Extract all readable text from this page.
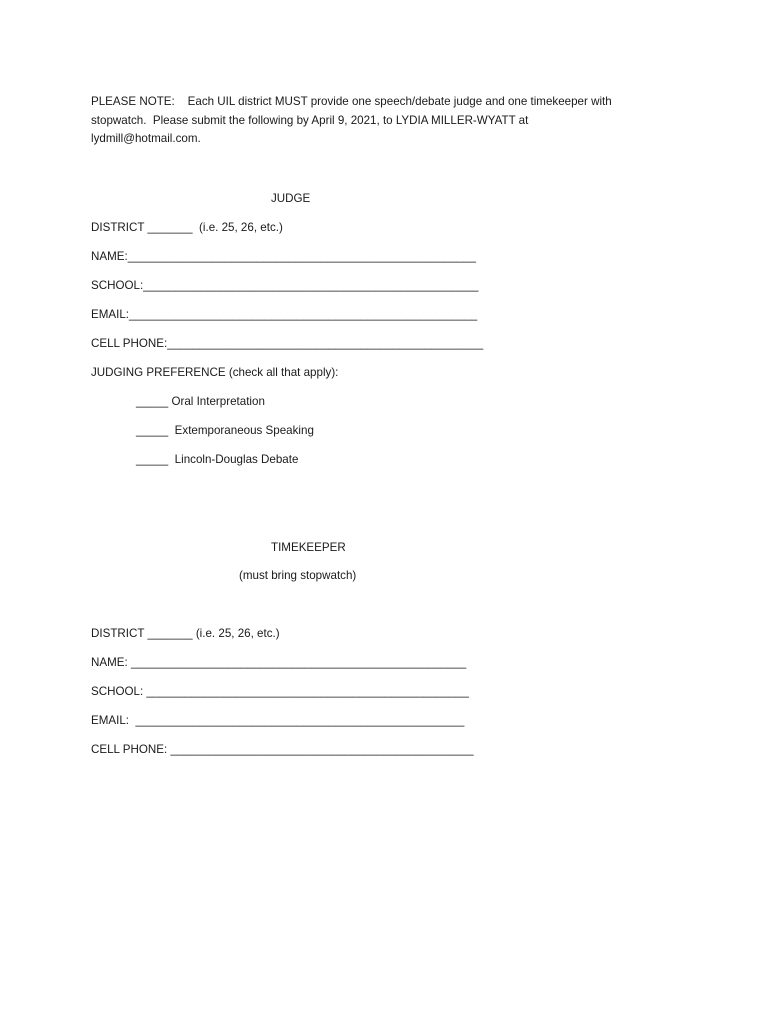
PLEASE NOTE:    Each UIL district MUST provide one speech/debate judge and one timekeeper with
stopwatch.  Please submit the following by April 9, 2021, to LYDIA MILLER-WYATT at
lydmill@hotmail.com.
JUDGE
DISTRICT _______  (i.e. 25, 26, etc.)
NAME:______________________________________________________
SCHOOL:____________________________________________________
EMAIL:______________________________________________________
CELL PHONE:_________________________________________________
JUDGING PREFERENCE (check all that apply):
_____ Oral Interpretation
_____  Extemporaneous Speaking
_____  Lincoln-Douglas Debate
TIMEKEEPER
(must bring stopwatch)
DISTRICT _______ (i.e. 25, 26, etc.)
NAME: ____________________________________________________
SCHOOL: __________________________________________________
EMAIL:  ___________________________________________________
CELL PHONE: _______________________________________________
